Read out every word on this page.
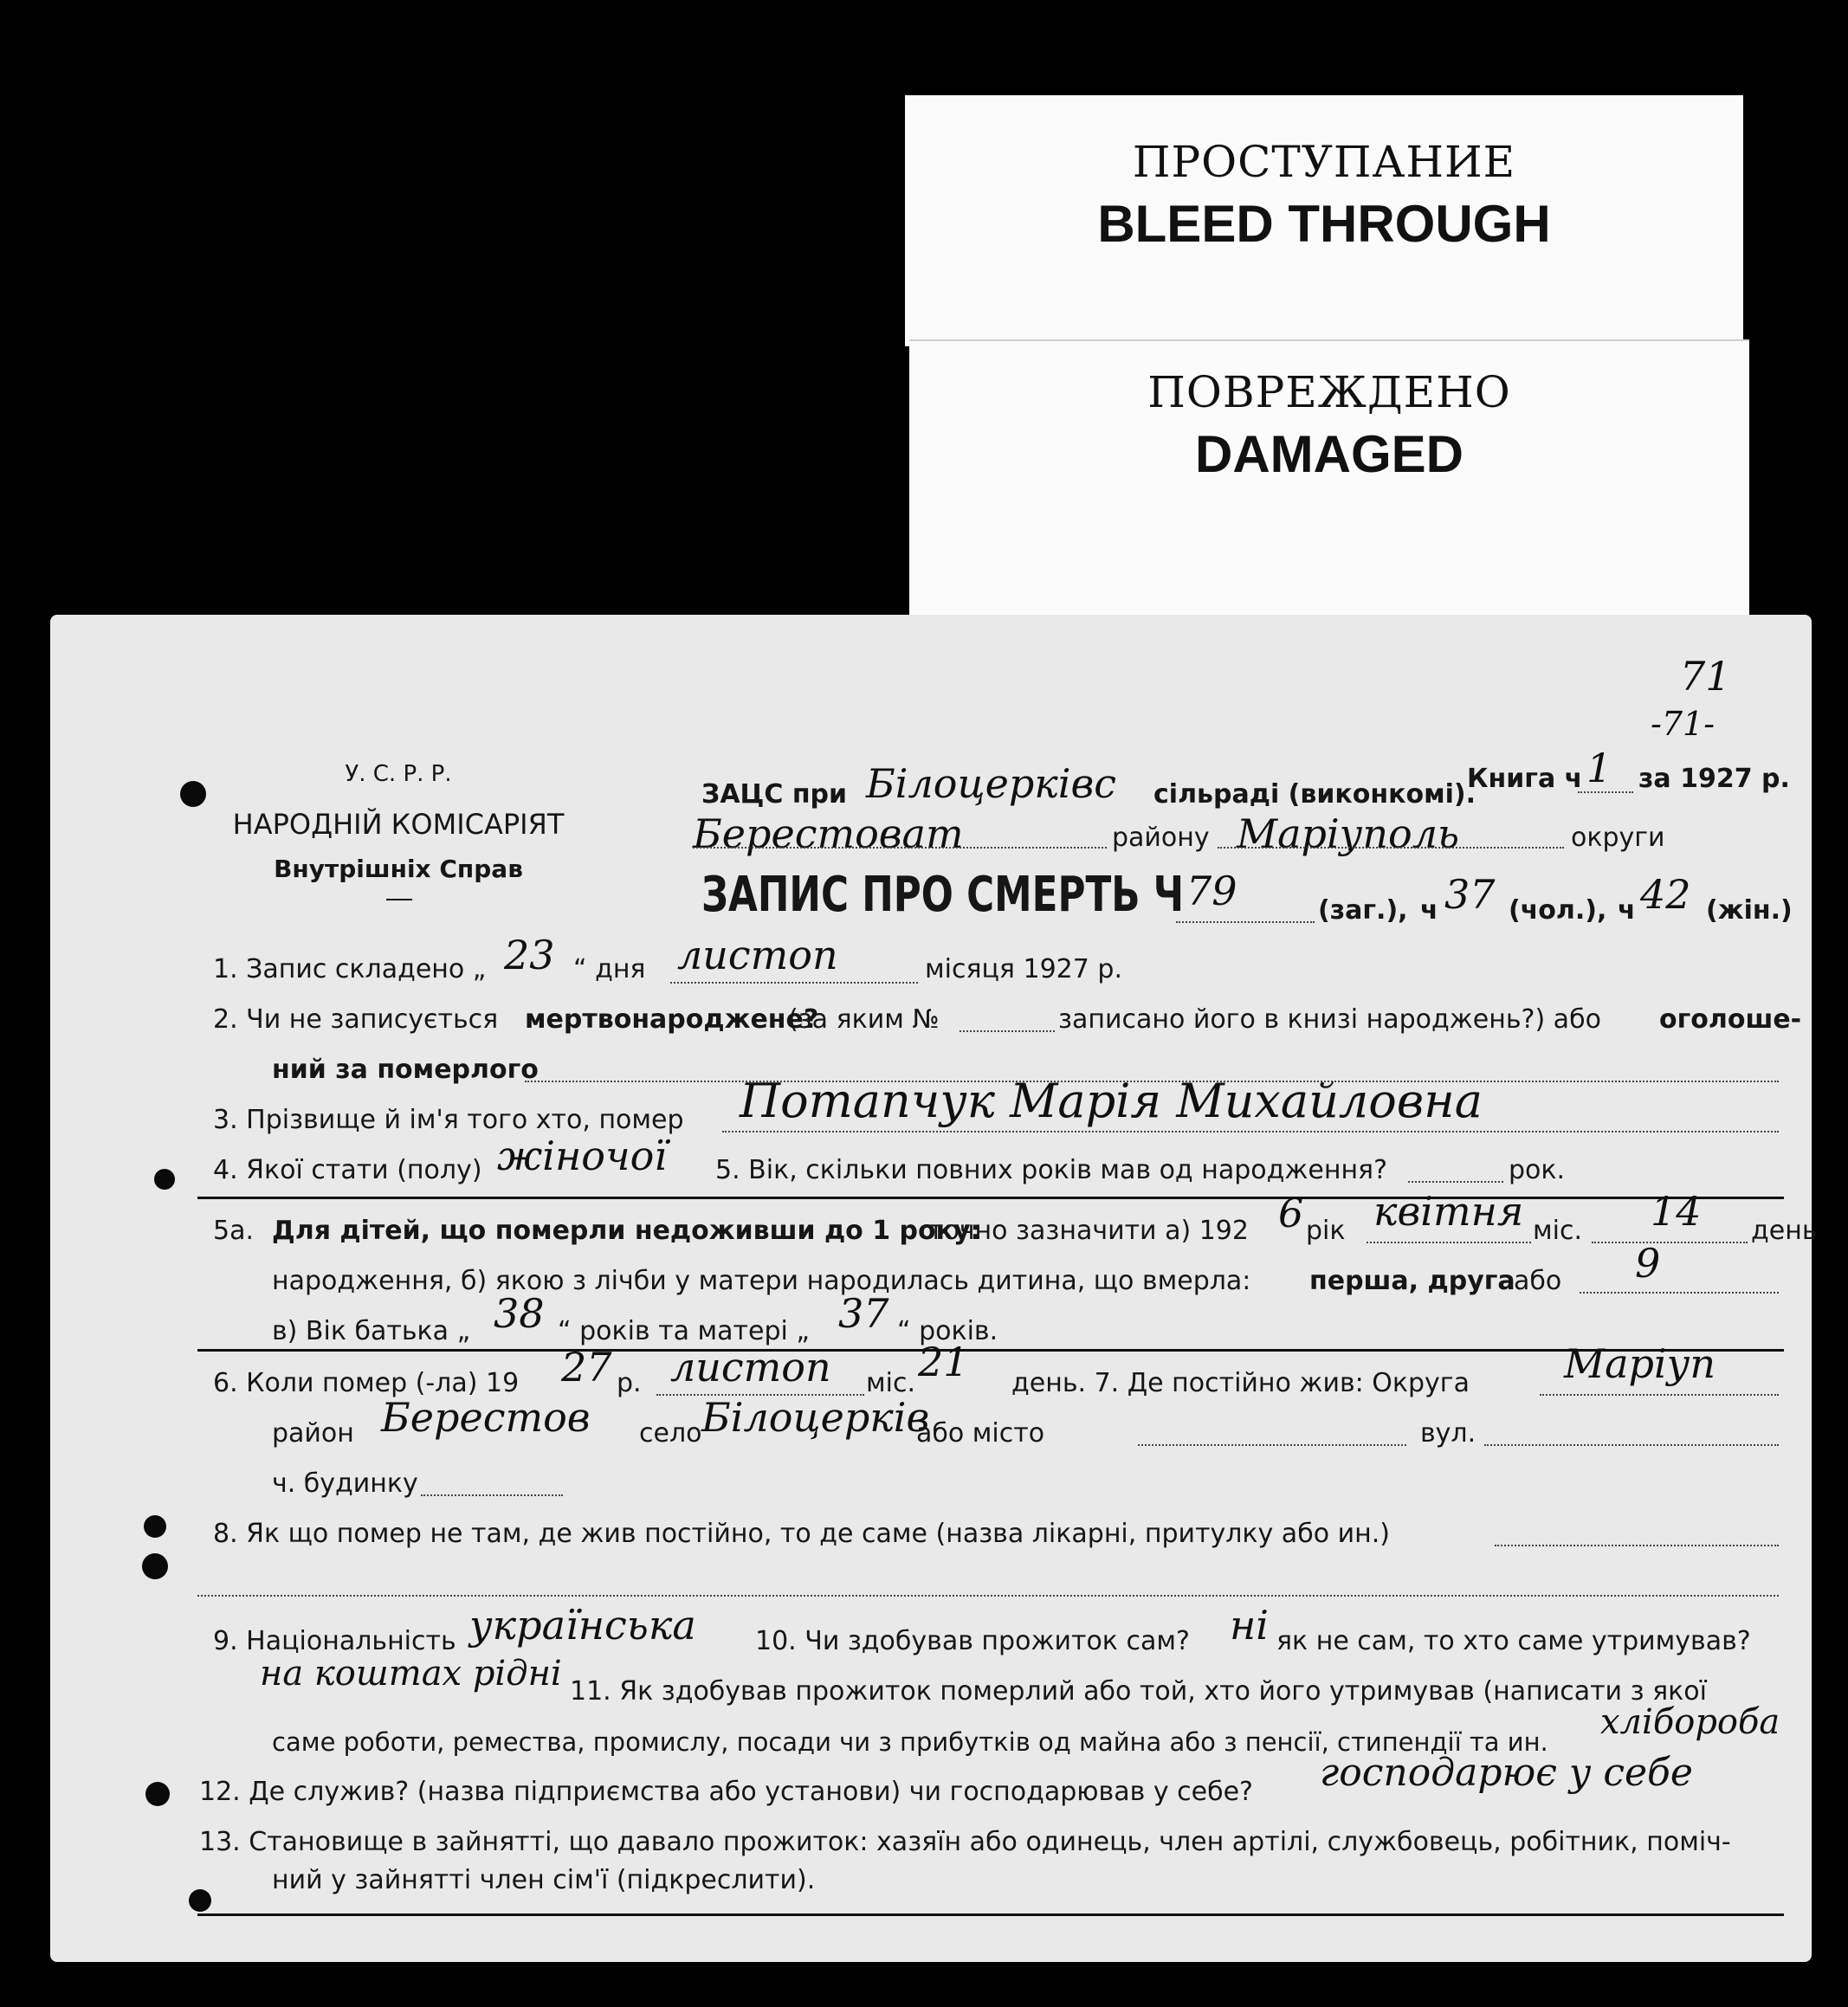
ПРОСТУПАНИЕ
BLEED THROUGH
ПОВРЕЖДЕНО
DAMAGED
71
-71-
У. С. Р. Р.
НАРОДНІЙ КОМІСАРІЯТ
Внутрішніх Справ
ЗАЦС при Білоцерківс сільраді (виконкомі).
Книга ч 1 за 1927 р.
Берестоват	району Маріуполь	округи
ЗАПИС ПРО СМЕРТЬ Ч 79	(заг.), ч 37 (чол.), ч 42 (жін.)
1. Запис складено „ 23 “ дня листоп	місяця 1927 р.
2. Чи не записується мертвонароджене?
(за яким №	записано його в книзі народжень?) або оголоше-
ний за померлого
3. Прізвище й ім'я того хто, помер Потапчук Марія Михайловна
4. Якої стати (полу) жіночої 5. Вік, скільки повних років мав од народження?	рок.
5а. Для дітей, що померли недоживши до 1 року:
точно зазначити а) 192 6 рік квітня міс. 14 день
народження, б) якою з лічби у матери народилась дитина, що вмерла: перша, друга
або 9
в) Вік батька „ 38 “ років та матері „ 37 “ років.
6. Коли помер (-ла) 19 27 р. листоп міс. 21 день. 7. Де постійно жив: Округа Маріуп
район Берестов село Білоцерків
або місто	вул.
ч. будинку
8. Як що помер не там, де жив постійно, то де саме (назва лікарні, притулку або ин.)
9. Національність українська 10. Чи здобував прожиток сам? ні як не сам, то хто саме утримував?
на коштах рідні 11. Як здобував прожиток померлий або той, хто його утримував (написати з якої
саме роботи, ремества, промислу, посади чи з прибутків од майна або з пенсії, стипендії та ин. хлібороба
12. Де служив? (назва підприємства або установи) чи господарював у себе? господарює у себе
13. Становище в зайнятті, що давало прожиток: хазяїн або одинець, член артілі, службовець, робітник, поміч-
ний у зайнятті член сім'ї (підкреслити).
